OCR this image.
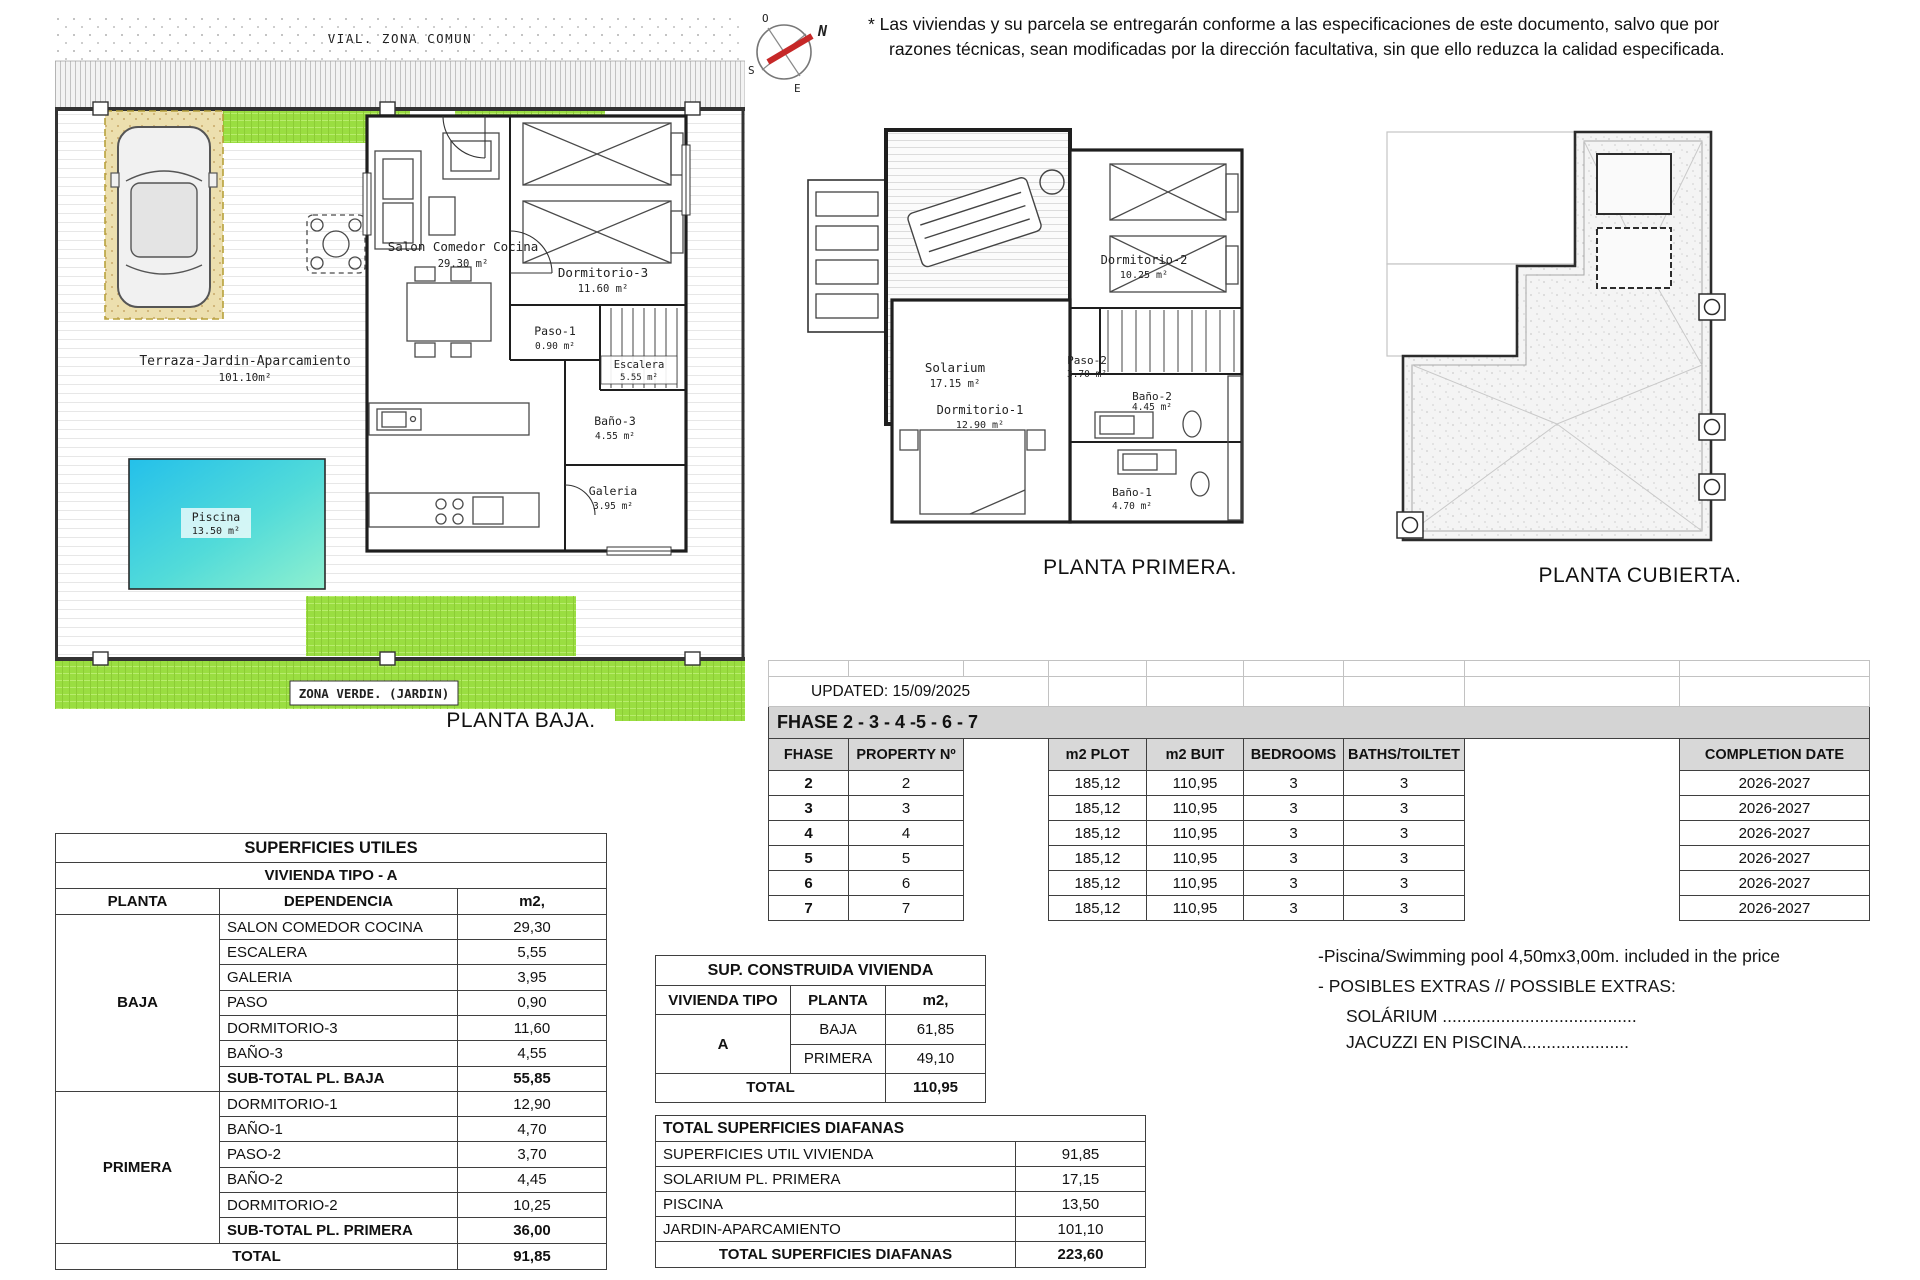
VIAL. ZONA COMUN
Terraza-Jardin-Aparcamiento
101.10m²
Piscina
13.50 m²
Salon Comedor Cocina
29.30 m²
Dormitorio-3
11.60 m²
Paso-1
0.90 m²
Escalera
5.55 m²
Baño-3
4.55 m²
Galeria
3.95 m²
ZONA VERDE. (JARDIN)
PLANTA BAJA.
N
O
S
E
* Las viviendas y su parcela se entregarán conforme a las especificaciones de este documento, salvo que por
razones técnicas, sean modificadas por la dirección facultativa, sin que ello reduzca la calidad especificada.
Solarium
17.15 m²
Dormitorio-2
10.25 m²
Paso-2
3.70 m²
Dormitorio-1
12.90 m²
Baño-2
4.45 m²
Baño-1
4.70 m²
PLANTA PRIMERA.	PLANTA CUBIERTA.

UPDATED: 15/09/2025								
FHASE 2 - 3 - 4 -5 - 6 - 7								
FHASE	PROPERTY Nº		m2 PLOT	m2 BUIT	BEDROOMS	BATHS/TOILTET		COMPLETION DATE
2	2		185,12	110,95	3	3		2026-2027
3	3		185,12	110,95	3	3		2026-2027
4	4		185,12	110,95	3	3		2026-2027
5	5		185,12	110,95	3	3		2026-2027
6	6		185,12	110,95	3	3		2026-2027
7	7		185,12	110,95	3	3		2026-2027
SUPERFICIES UTILES		
VIVIENDA TIPO - A		
PLANTA	DEPENDENCIA	m2,
BAJA	SALON COMEDOR COCINA	29,30
	ESCALERA	5,55
	GALERIA	3,95
	PASO	0,90
	DORMITORIO-3	11,60
	BAÑO-3	4,55
	SUB-TOTAL PL. BAJA	55,85
PRIMERA	DORMITORIO-1	12,90
	BAÑO-1	4,70
	PASO-2	3,70
	BAÑO-2	4,45
	DORMITORIO-2	10,25
	SUB-TOTAL PL. PRIMERA	36,00
TOTAL		91,85
SUP. CONSTRUIDA VIVIENDA		
VIVIENDA TIPO	PLANTA	m2,
A	BAJA	61,85
	PRIMERA	49,10
TOTAL		110,95
TOTAL SUPERFICIES DIAFANAS	
SUPERFICIES UTIL VIVIENDA	91,85
SOLARIUM PL. PRIMERA	17,15
PISCINA	13,50
JARDIN-APARCAMIENTO	101,10
TOTAL SUPERFICIES DIAFANAS	223,60
-Piscina/Swimming pool 4,50mx3,00m. included in the price
- POSIBLES EXTRAS // POSSIBLE EXTRAS:
SOLÁRIUM ........................................
JACUZZI EN PISCINA......................
